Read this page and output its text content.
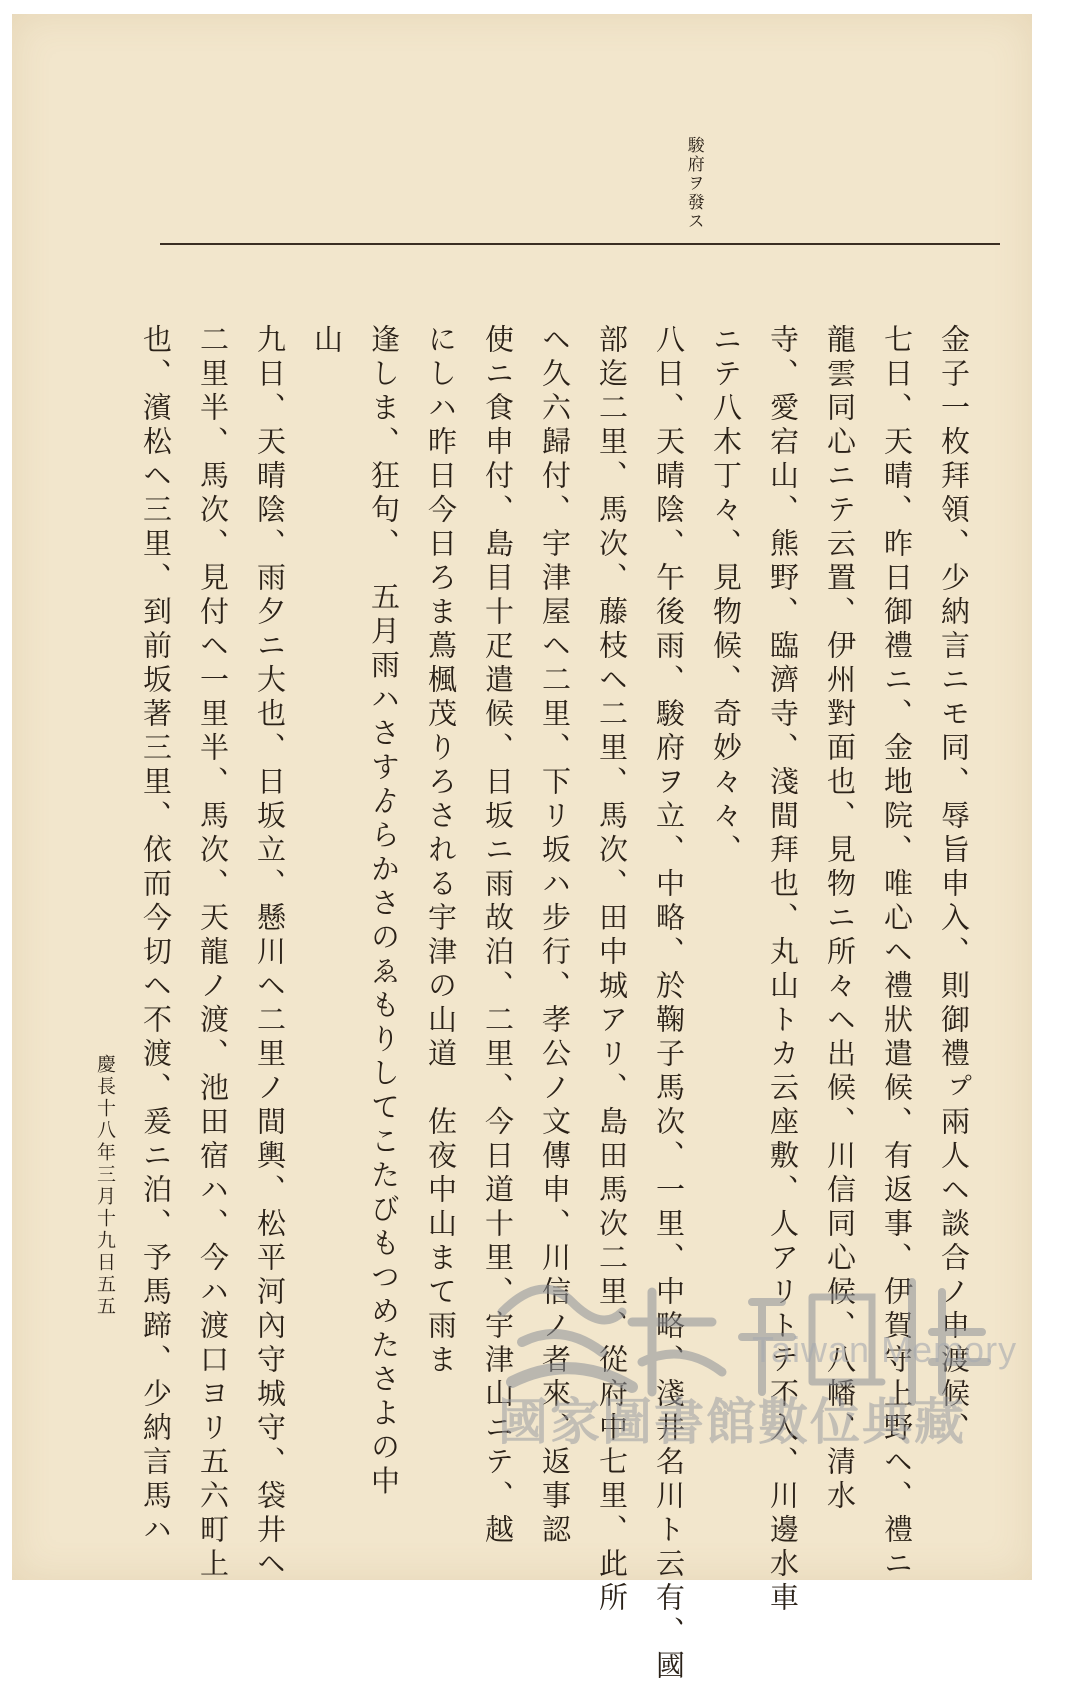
駿府ヲ發ス
金子一枚拜領、少納言ニモ同、辱旨申入、則御禮ㇷ゚兩人ヘ談合ノ申渡候、
七日、天晴、昨日御禮ニ、金地院、唯心ヘ禮狀遣候、有返事、伊賀守上野ヘ、禮ニ
龍雲同心ニテ云置、伊州對面也、見物ニ所々ヘ出候、川信同心候、八幡、清水
寺、愛宕山、熊野、臨濟寺、淺間拜也、丸山トカ云座敷、人アリトテ不入、川邊水車
ニテ八木丁々、見物候、奇妙々々、
八日、天晴陰、午後雨、駿府ヲ立、中略、於鞠子馬次、一里、中略、淺井名川ト云有、國
部迄二里、馬次、藤枝ヘ二里、馬次、田中城アリ、島田馬次二里、從府中七里、此所
ヘ久六歸付、宇津屋ヘ二里、下リ坂ハ步行、孝公ノ文傳申、川信ノ者來、返事認
使ニ食申付、島目十疋遣候、日坂ニ雨故泊、二里、今日道十里、宇津山ニテ、越
にしハ昨日今日ろま蔦楓茂りろされる宇津の山道　佐夜中山まて雨ま
逢しま、狂句、　五月雨ハさすゟらかさのゑもりしてこたびもつめたさよの中
山
九日、天晴陰、雨夕ニ大也、日坂立、懸川ヘ二里ノ間輿、松平河內守城守、袋井ヘ
二里半、馬次、見付ヘ一里半、馬次、天龍ノ渡、池田宿ハ、今ハ渡口ヨリ五六町上
也、濱松ヘ三里、到前坂著三里、依而今切ヘ不渡、爰ニ泊、予馬蹄、少納言馬ハ
慶長十八年三月十九日
五五
Taiwan Memory
國家圖書館數位典藏
